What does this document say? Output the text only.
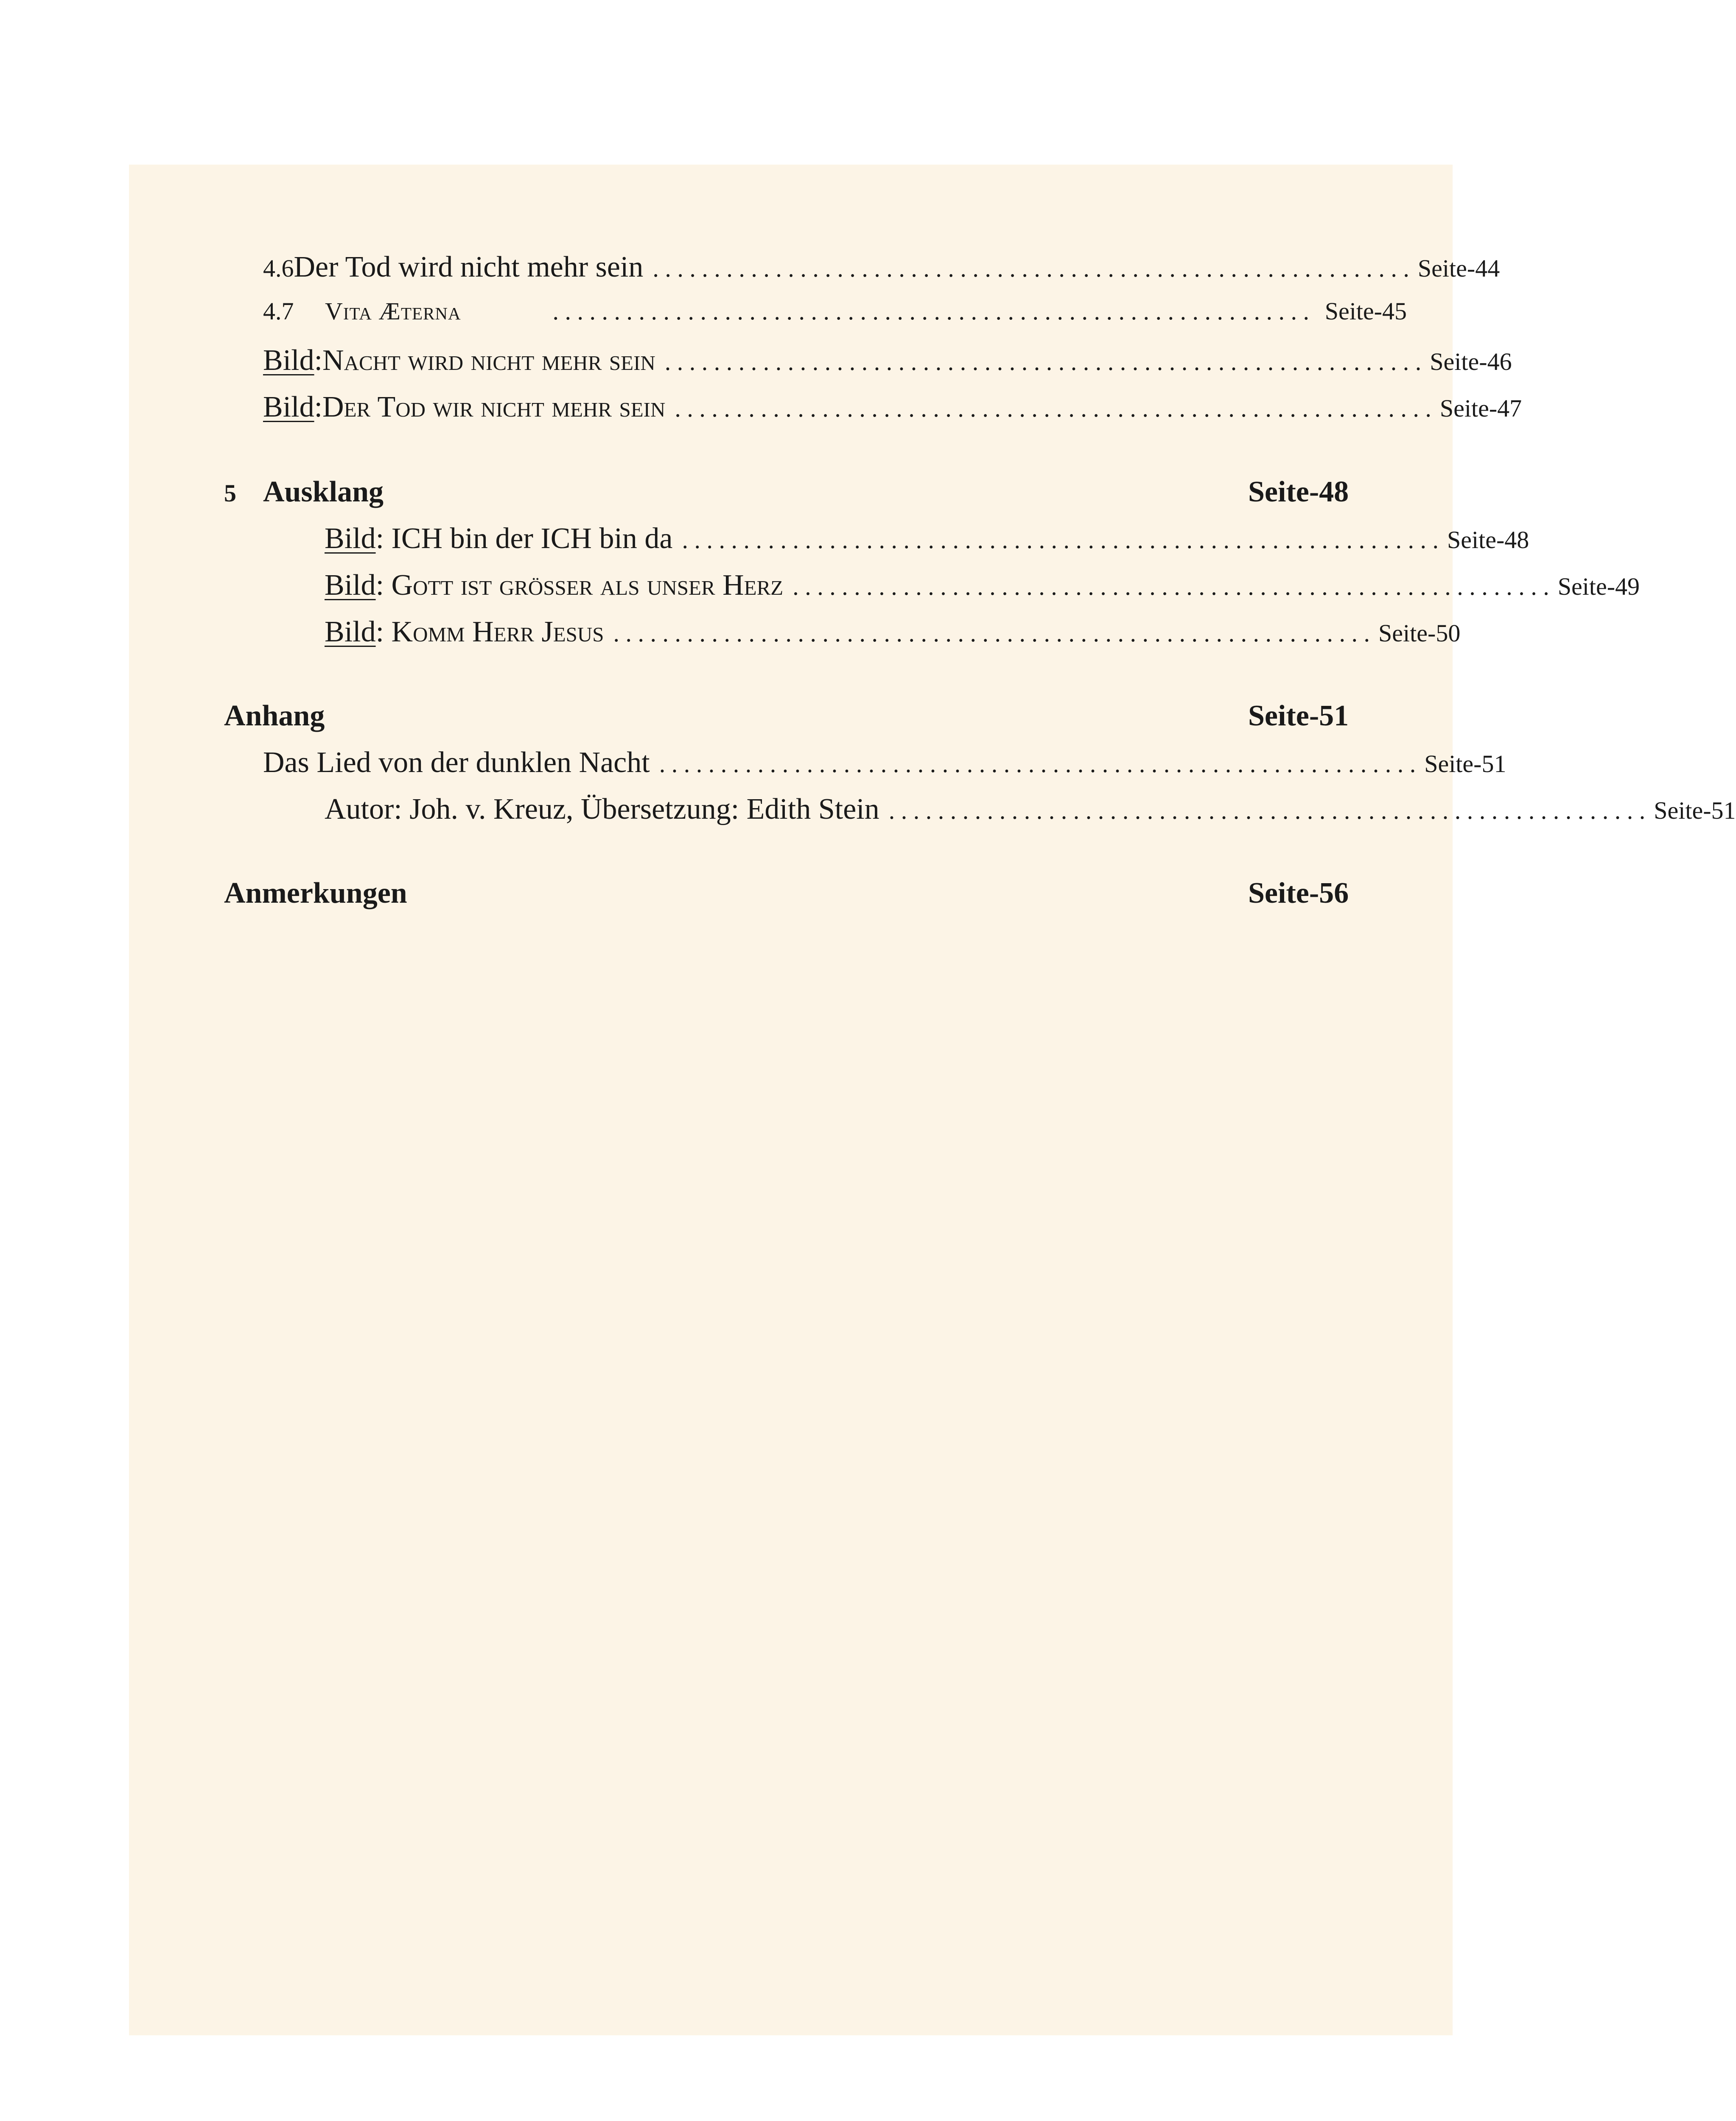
4.6 Der Tod wird nicht mehr sein . . . . . . . . . . . . . . . . . . . . . . . . . . . . . . . . . . . . . . . . . . . . . . . . . . . . . . . . . . . . . . Seite-44
4.7	Vita Æterna	. . . . . . . . . . . . . . . . . . . . . . . . . . . . . . . . . . . . . . . . . . . . . . . . . . . . . . . . . . . . . . Seite-45
Bild : Nacht wird nicht mehr sein . . . . . . . . . . . . . . . . . . . . . . . . . . . . . . . . . . . . . . . . . . . . . . . . . . . . . . . . . . . . . . Seite-46
Bild : Der Tod wir nicht mehr sein . . . . . . . . . . . . . . . . . . . . . . . . . . . . . . . . . . . . . . . . . . . . . . . . . . . . . . . . . . . . . . Seite-47
5 Ausklang	Seite-48
Bild : ICH bin der ICH bin da . . . . . . . . . . . . . . . . . . . . . . . . . . . . . . . . . . . . . . . . . . . . . . . . . . . . . . . . . . . . . . Seite-48
Bild : Gott ist grösser als unser Herz . . . . . . . . . . . . . . . . . . . . . . . . . . . . . . . . . . . . . . . . . . . . . . . . . . . . . . . . . . . . . . Seite-49
Bild : Komm Herr Jesus . . . . . . . . . . . . . . . . . . . . . . . . . . . . . . . . . . . . . . . . . . . . . . . . . . . . . . . . . . . . . . Seite-50
Anhang	Seite-51
Das Lied von der dunklen Nacht . . . . . . . . . . . . . . . . . . . . . . . . . . . . . . . . . . . . . . . . . . . . . . . . . . . . . . . . . . . . . . Seite-51
Autor: Joh. v. Kreuz, Übersetzung: Edith Stein . . . . . . . . . . . . . . . . . . . . . . . . . . . . . . . . . . . . . . . . . . . . . . . . . . . . . . . . . . . . . . Seite-51
Anmerkungen	Seite-56
